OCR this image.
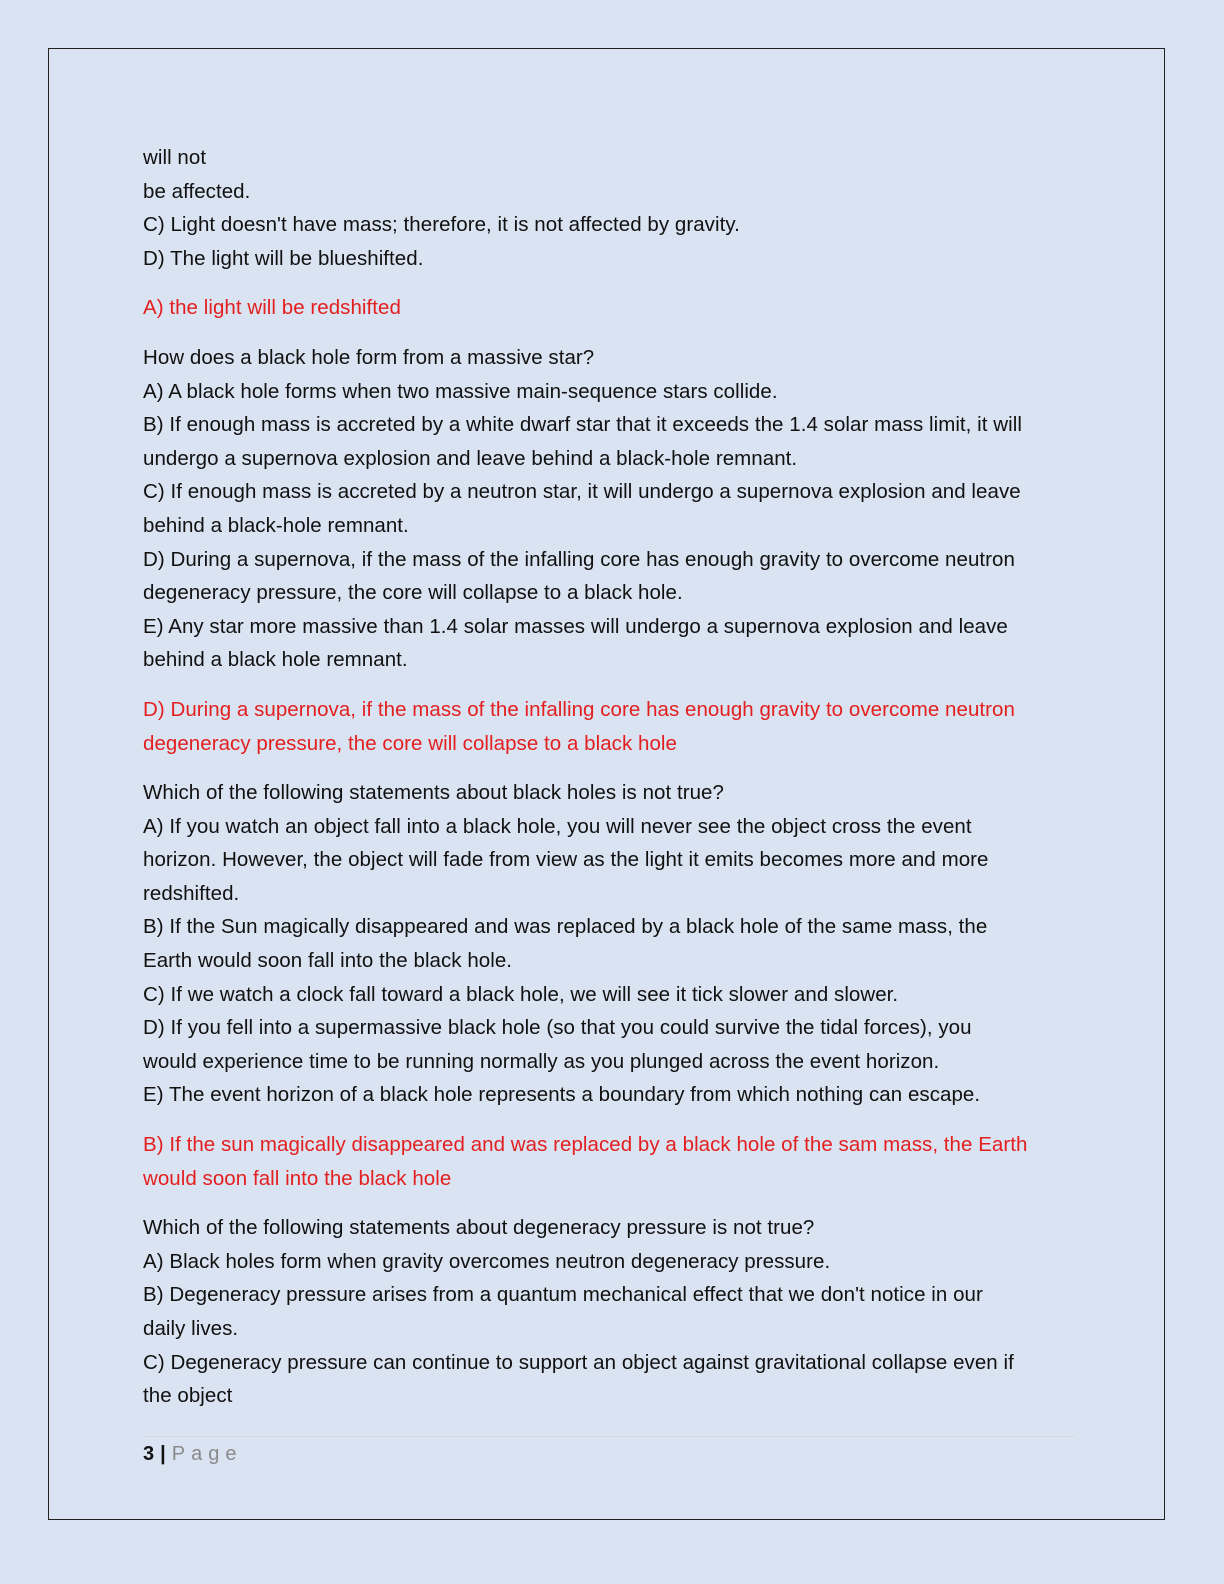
will not
be affected.
C) Light doesn't have mass; therefore, it is not affected by gravity.
D) The light will be blueshifted.
A) the light will be redshifted
How does a black hole form from a massive star?
A) A black hole forms when two massive main-sequence stars collide.
B) If enough mass is accreted by a white dwarf star that it exceeds the 1.4 solar mass limit, it will
undergo a supernova explosion and leave behind a black-hole remnant.
C) If enough mass is accreted by a neutron star, it will undergo a supernova explosion and leave
behind a black-hole remnant.
D) During a supernova, if the mass of the infalling core has enough gravity to overcome neutron
degeneracy pressure, the core will collapse to a black hole.
E) Any star more massive than 1.4 solar masses will undergo a supernova explosion and leave
behind a black hole remnant.
D) During a supernova, if the mass of the infalling core has enough gravity to overcome neutron
degeneracy pressure, the core will collapse to a black hole
Which of the following statements about black holes is not true?
A) If you watch an object fall into a black hole, you will never see the object cross the event
horizon. However, the object will fade from view as the light it emits becomes more and more
redshifted.
B) If the Sun magically disappeared and was replaced by a black hole of the same mass, the
Earth would soon fall into the black hole.
C) If we watch a clock fall toward a black hole, we will see it tick slower and slower.
D) If you fell into a supermassive black hole (so that you could survive the tidal forces), you
would experience time to be running normally as you plunged across the event horizon.
E) The event horizon of a black hole represents a boundary from which nothing can escape.
B) If the sun magically disappeared and was replaced by a black hole of the sam mass, the Earth
would soon fall into the black hole
Which of the following statements about degeneracy pressure is not true?
A) Black holes form when gravity overcomes neutron degeneracy pressure.
B) Degeneracy pressure arises from a quantum mechanical effect that we don't notice in our
daily lives.
C) Degeneracy pressure can continue to support an object against gravitational collapse even if
the object
3 | Page
